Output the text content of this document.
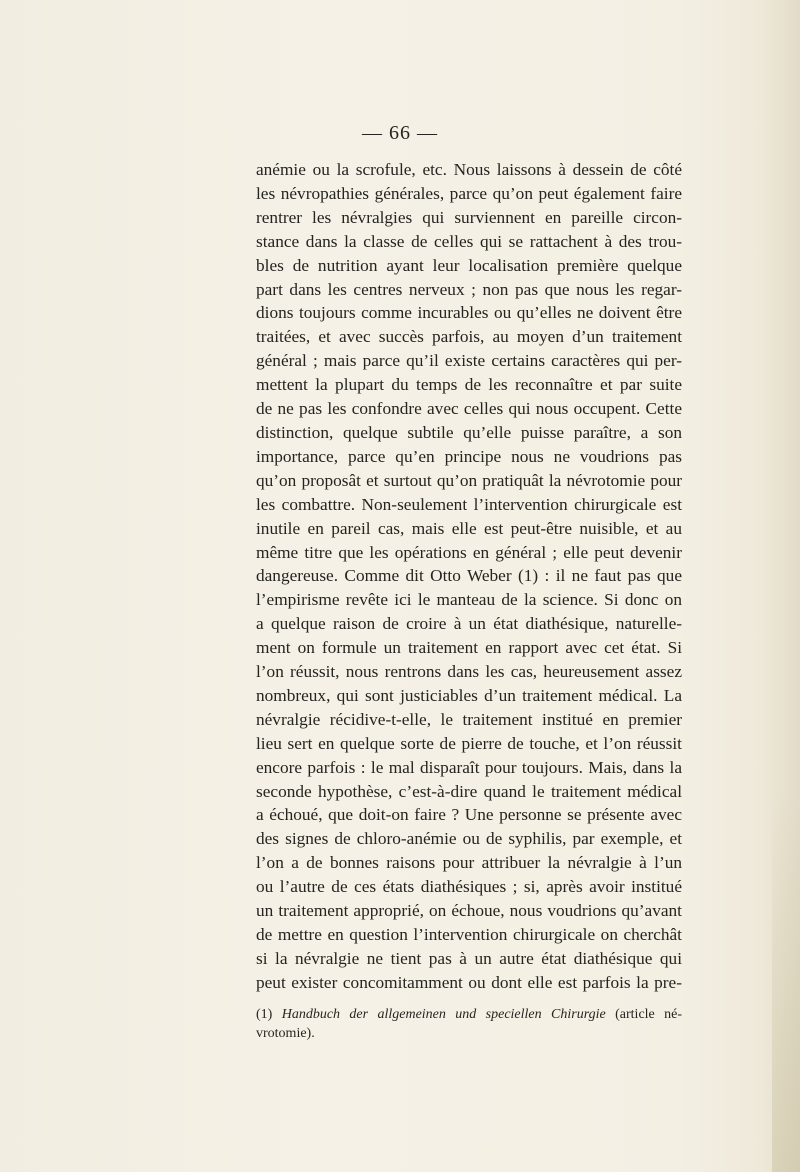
— 66 —
anémie ou la scrofule, etc. Nous laissons à dessein de côté
les névropathies générales, parce qu’on peut également faire
rentrer les névralgies qui surviennent en pareille circon-
stance dans la classe de celles qui se rattachent à des trou-
bles de nutrition ayant leur localisation première quelque
part dans les centres nerveux ; non pas que nous les regar-
dions toujours comme incurables ou qu’elles ne doivent être
traitées, et avec succès parfois, au moyen d’un traitement
général ; mais parce qu’il existe certains caractères qui per-
mettent la plupart du temps de les reconnaître et par suite
de ne pas les confondre avec celles qui nous occupent. Cette
distinction, quelque subtile qu’elle puisse paraître, a son
importance, parce qu’en principe nous ne voudrions pas
qu’on proposât et surtout qu’on pratiquât la névrotomie pour
les combattre. Non-seulement l’intervention chirurgicale est
inutile en pareil cas, mais elle est peut-être nuisible, et au
même titre que les opérations en général ; elle peut devenir
dangereuse. Comme dit Otto Weber (1) : il ne faut pas que
l’empirisme revête ici le manteau de la science. Si donc on
a quelque raison de croire à un état diathésique, naturelle-
ment on formule un traitement en rapport avec cet état. Si
l’on réussit, nous rentrons dans les cas, heureusement assez
nombreux, qui sont justiciables d’un traitement médical. La
névralgie récidive-t-elle, le traitement institué en premier
lieu sert en quelque sorte de pierre de touche, et l’on réussit
encore parfois : le mal disparaît pour toujours. Mais, dans la
seconde hypothèse, c’est-à-dire quand le traitement médical
a échoué, que doit-on faire ? Une personne se présente avec
des signes de chloro-anémie ou de syphilis, par exemple, et
l’on a de bonnes raisons pour attribuer la névralgie à l’un
ou l’autre de ces états diathésiques ; si, après avoir institué
un traitement approprié, on échoue, nous voudrions qu’avant
de mettre en question l’intervention chirurgicale on cherchât
si la névralgie ne tient pas à un autre état diathésique qui
peut exister concomitamment ou dont elle est parfois la pre-
(1) Handbuch der allgemeinen und speciellen Chirurgie (article né-
vrotomie).
